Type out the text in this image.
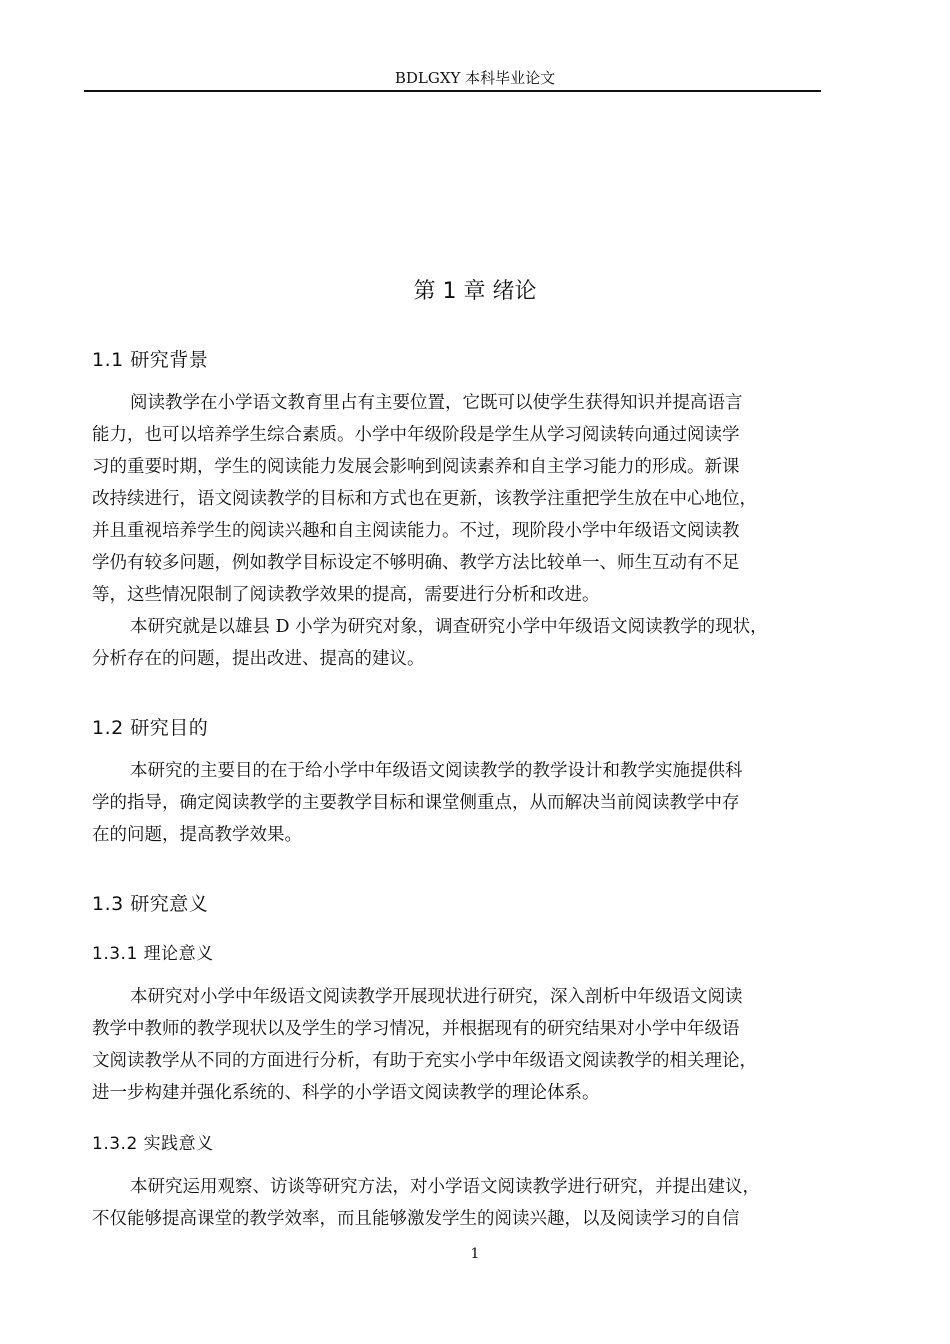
BDLGXY 本科毕业论文
第 1 章 绪论
1.1 研究背景
阅读教学在小学语文教育里占有主要位置，它既可以使学生获得知识并提高语言
能力，也可以培养学生综合素质。小学中年级阶段是学生从学习阅读转向通过阅读学
习的重要时期，学生的阅读能力发展会影响到阅读素养和自主学习能力的形成。新课
改持续进行，语文阅读教学的目标和方式也在更新，该教学注重把学生放在中心地位，
并且重视培养学生的阅读兴趣和自主阅读能力。不过，现阶段小学中年级语文阅读教
学仍有较多问题，例如教学目标设定不够明确、教学方法比较单一、师生互动有不足
等，这些情况限制了阅读教学效果的提高，需要进行分析和改进。
本研究就是以雄县 D 小学为研究对象，调查研究小学中年级语文阅读教学的现状，
分析存在的问题，提出改进、提高的建议。
1.2 研究目的
本研究的主要目的在于给小学中年级语文阅读教学的教学设计和教学实施提供科
学的指导，确定阅读教学的主要教学目标和课堂侧重点，从而解决当前阅读教学中存
在的问题，提高教学效果。
1.3 研究意义
1.3.1 理论意义
本研究对小学中年级语文阅读教学开展现状进行研究，深入剖析中年级语文阅读
教学中教师的教学现状以及学生的学习情况，并根据现有的研究结果对小学中年级语
文阅读教学从不同的方面进行分析，有助于充实小学中年级语文阅读教学的相关理论，
进一步构建并强化系统的、科学的小学语文阅读教学的理论体系。
1.3.2 实践意义
本研究运用观察、访谈等研究方法，对小学语文阅读教学进行研究，并提出建议，
不仅能够提高课堂的教学效率，而且能够激发学生的阅读兴趣，以及阅读学习的自信
1
